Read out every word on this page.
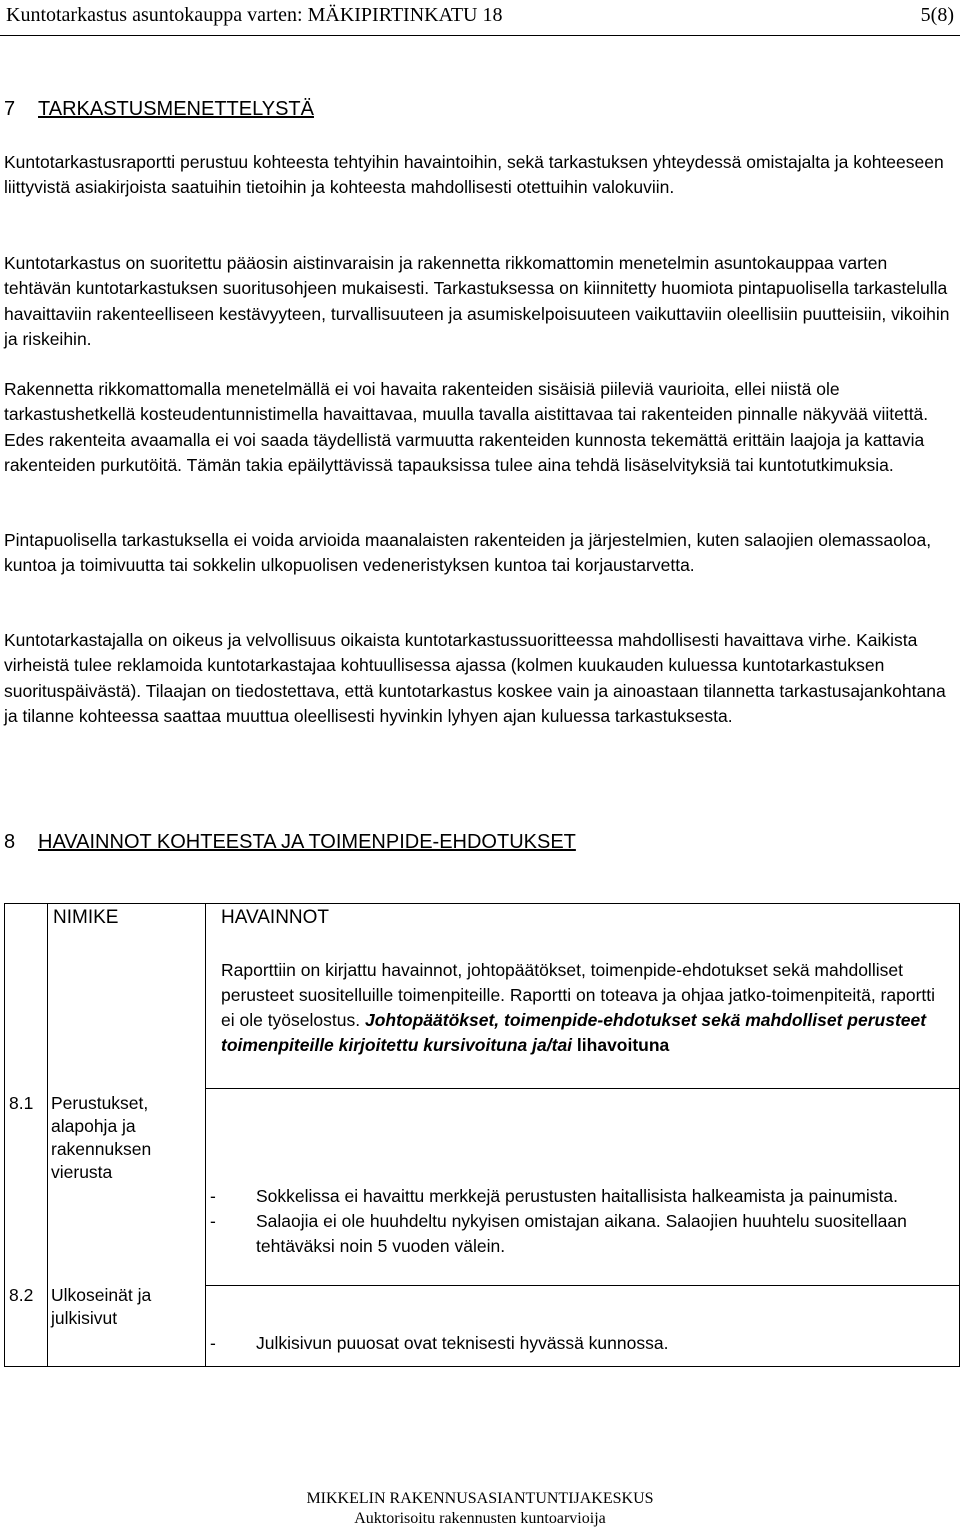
Kuntotarkastus asuntokauppa varten: MÄKIPIRTINKATU 18	5(8)
7 TARKASTUSMENETTELYSTÄ

Kuntotarkastusraportti perustuu kohteesta tehtyihin havaintoihin, sekä tarkastuksen yhteydessä omistajalta ja kohteeseen liittyvistä asiakirjoista saatuihin tietoihin ja kohteesta mahdollisesti otettuihin valokuviin.

Kuntotarkastus on suoritettu pääosin aistinvaraisin ja rakennetta rikkomattomin menetelmin asuntokauppaa varten tehtävän kuntotarkastuksen suoritusohjeen mukaisesti. Tarkastuksessa on kiinnitetty huomiota pintapuolisella tarkastelulla havaittaviin rakenteelliseen kestävyyteen, turvallisuuteen ja asumiskelpoisuuteen vaikuttaviin oleellisiin puutteisiin, vikoihin ja riskeihin.

Rakennetta rikkomattomalla menetelmällä ei voi havaita rakenteiden sisäisiä piileviä vaurioita, ellei niistä ole tarkastushetkellä kosteudentunnistimella havaittavaa, muulla tavalla aistittavaa tai rakenteiden pinnalle näkyvää viitettä. Edes rakenteita avaamalla ei voi saada täydellistä varmuutta rakenteiden kunnosta tekemättä erittäin laajoja ja kattavia rakenteiden purkutöitä. Tämän takia epäilyttävissä tapauksissa tulee aina tehdä lisäselvityksiä tai kuntotutkimuksia.

Pintapuolisella tarkastuksella ei voida arvioida maanalaisten rakenteiden ja järjestelmien, kuten salaojien olemassaoloa, kuntoa ja toimivuutta tai sokkelin ulkopuolisen vedeneristyksen kuntoa tai korjaustarvetta.

Kuntotarkastajalla on oikeus ja velvollisuus oikaista kuntotarkastussuoritteessa mahdollisesti havaittava virhe. Kaikista virheistä tulee reklamoida kuntotarkastajaa kohtuullisessa ajassa (kolmen kuukauden kuluessa kuntotarkastuksen suorituspäivästä). Tilaajan on tiedostettava, että kuntotarkastus koskee vain ja ainoastaan tilannetta tarkastusajankohtana ja tilanne kohteessa saattaa muuttua oleellisesti hyvinkin lyhyen ajan kuluessa tarkastuksesta.

8 HAVAINNOT KOHTEESTA JA TOIMENPIDE-EHDOTUKSET
NIMIKE	HAVAINNOT
Raporttiin on kirjattu havainnot, johtopäätökset, toimenpide-ehdotukset sekä mahdolliset perusteet suositelluille toimenpiteille. Raportti on toteava ja ohjaa jatko-toimenpiteitä, raportti ei ole työselostus. Johtopäätökset, toimenpide-ehdotukset sekä mahdolliset perusteet toimenpiteille kirjoitettu kursivoituna ja/tai lihavoituna
8.1 Perustukset, alapohja ja rakennuksen vierusta
- Sokkelissa ei havaittu merkkejä perustusten haitallisista halkeamista ja painumista.
- Salaojia ei ole huuhdeltu nykyisen omistajan aikana. Salaojien huuhtelu suositellaan tehtäväksi noin 5 vuoden välein.
8.2 Ulkoseinät ja julkisivut
- Julkisivun puuosat ovat teknisesti hyvässä kunnossa.
MIKKELIN RAKENNUSASIANTUNTIJAKESKUS
Auktorisoitu rakennusten kuntoarvioija
